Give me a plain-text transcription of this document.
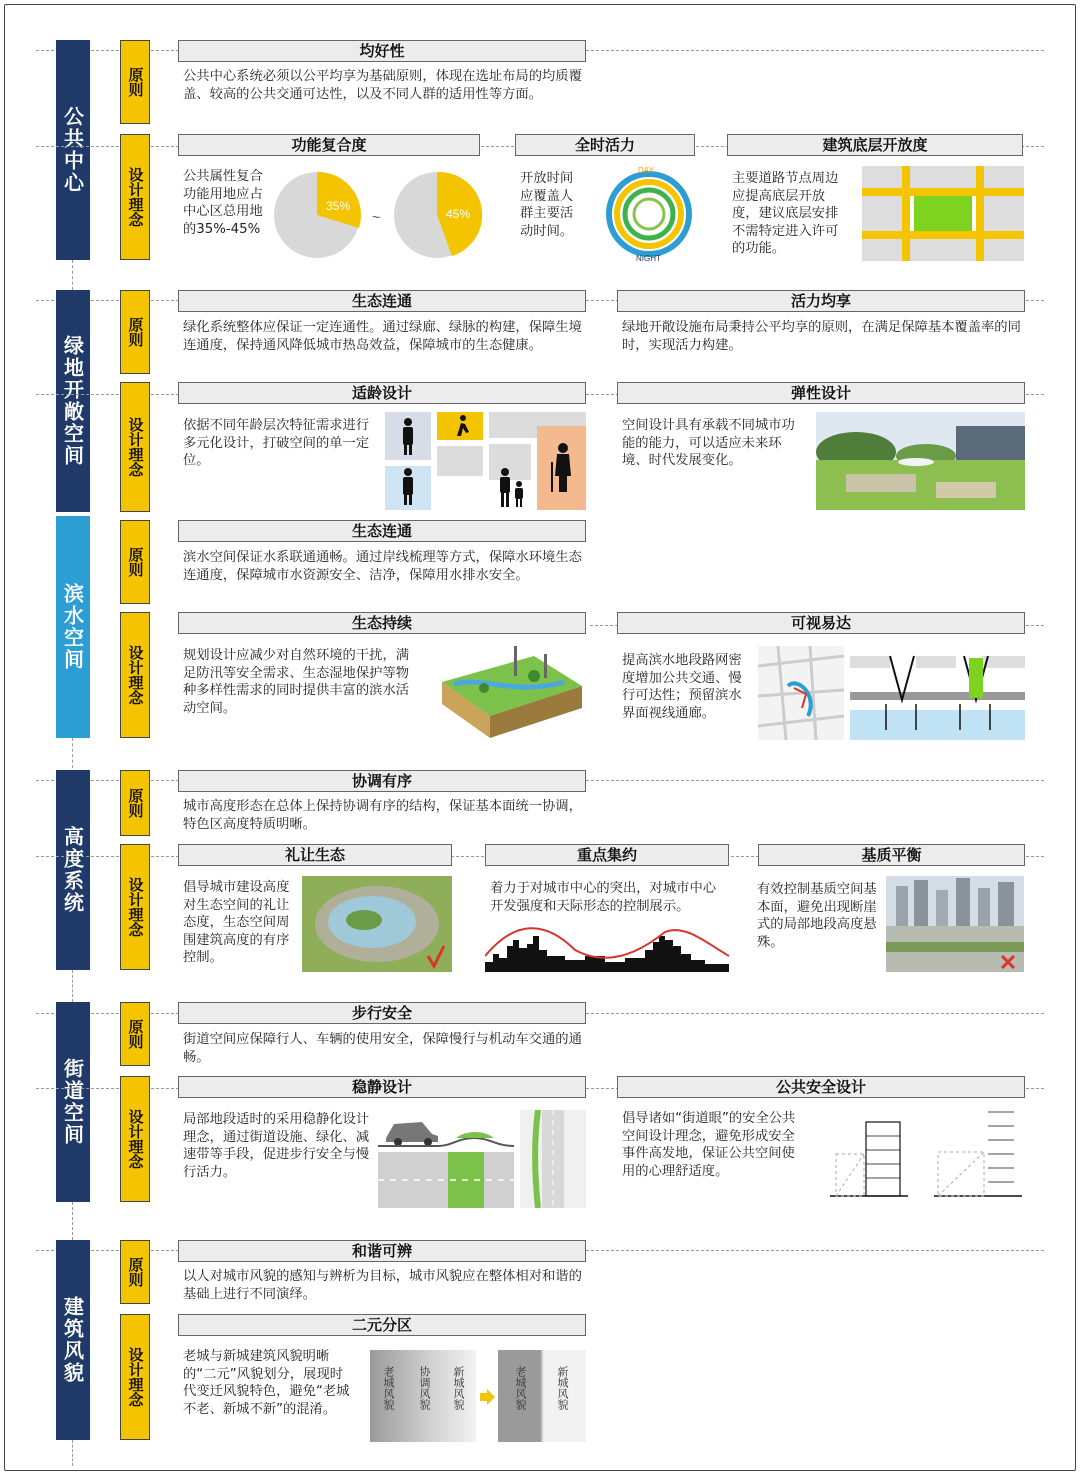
公共中心
原则
均好性
公共中心系统必须以公平均享为基础原则，体现在选址布局的均质覆盖、较高的公共交通可达性，以及不同人群的适用性等方面。
设计理念
功能复合度
公共属性复合功能用地应占中心区总用地的35%-45%
35%
~	45%
全时活力
开放时间应覆盖人群主要活动时间。
DAY
NIGHT
建筑底层开放度
主要道路节点周边应提高底层开放度，建议底层安排不需特定进入许可的功能。
绿地开敞空间
原则
生态连通
绿化系统整体应保证一定连通性。通过绿廊、绿脉的构建，保障生境连通度，保持通风降低城市热岛效益，保障城市的生态健康。
活力均享
绿地开敞设施布局秉持公平均享的原则，在满足保障基本覆盖率的同时，实现活力构建。
设计理念
适龄设计
依据不同年龄层次特征需求进行多元化设计，打破空间的单一定位。
弹性设计
空间设计具有承载不同城市功能的能力，可以适应未来环境、时代发展变化。
滨水空间
原则
生态连通
滨水空间保证水系联通通畅。通过岸线梳理等方式，保障水环境生态连通度，保障城市水资源安全、洁净，保障用水排水安全。
设计理念
生态持续
规划设计应减少对自然环境的干扰，满足防汛等安全需求、生态湿地保护等物种多样性需求的同时提供丰富的滨水活动空间。
可视易达
提高滨水地段路网密度增加公共交通、慢行可达性；预留滨水界面视线通廊。
高度系统
原则
协调有序
城市高度形态在总体上保持协调有序的结构，保证基本面统一协调，特色区高度特质明晰。
设计理念
礼让生态
倡导城市建设高度对生态空间的礼让态度，生态空间周围建筑高度的有序控制。
重点集约
着力于对城市中心的突出，对城市中心开发强度和天际形态的控制展示。
基质平衡
有效控制基质空间基本面，避免出现断崖式的局部地段高度悬殊。
街道空间
原则
步行安全
街道空间应保障行人、车辆的使用安全，保障慢行与机动车交通的通畅。
设计理念
稳静设计
局部地段适时的采用稳静化设计理念，通过街道设施、绿化、减速带等手段，促进步行安全与慢行活力。
公共安全设计
倡导诸如“街道眼”的安全公共空间设计理念，避免形成安全事件高发地，保证公共空间使用的心理舒适度。
建筑风貌
原则
和谐可辨
以人对城市风貌的感知与辨析为目标，城市风貌应在整体相对和谐的基础上进行不同演绎。
设计理念
二元分区
老城与新城建筑风貌明晰的“二元”风貌划分，展现时代变迁风貌特色，避免“老城不老、新城不新”的混淆。	老城风貌 协调风貌 新城风貌	老城风貌	新城风貌
